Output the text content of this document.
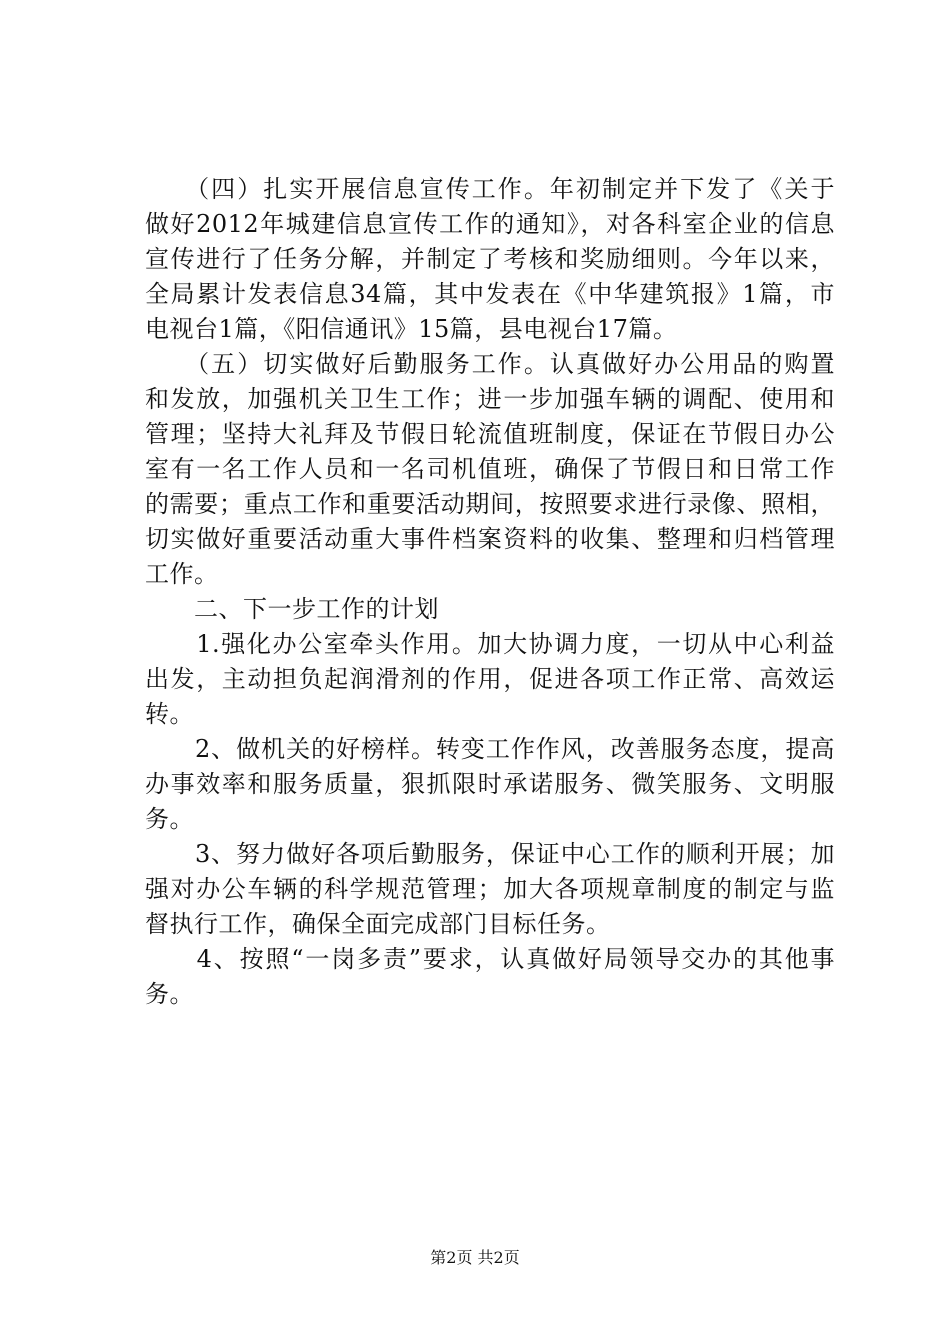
　　（四）扎实开展信息宣传工作。年初制定并下发了《关于
做好2012年城建信息宣传工作的通知》，对各科室企业的信息
宣传进行了任务分解，并制定了考核和奖励细则。今年以来，
全局累计发表信息34篇，其中发表在《中华建筑报》1篇，市
电视台1篇，《阳信通讯》15篇，县电视台17篇。
　　（五）切实做好后勤服务工作。认真做好办公用品的购置
和发放，加强机关卫生工作；进一步加强车辆的调配、使用和
管理；坚持大礼拜及节假日轮流值班制度，保证在节假日办公
室有一名工作人员和一名司机值班，确保了节假日和日常工作
的需要；重点工作和重要活动期间，按照要求进行录像、照相，
切实做好重要活动重大事件档案资料的收集、整理和归档管理
工作。
　　二、下一步工作的计划
　　1.强化办公室牵头作用。加大协调力度，一切从中心利益
出发，主动担负起润滑剂的作用，促进各项工作正常、高效运
转。
　　2、做机关的好榜样。转变工作作风，改善服务态度，提高
办事效率和服务质量，狠抓限时承诺服务、微笑服务、文明服
务。
　　3、努力做好各项后勤服务，保证中心工作的顺利开展；加
强对办公车辆的科学规范管理；加大各项规章制度的制定与监
督执行工作，确保全面完成部门目标任务。
　　4、按照“一岗多责”要求，认真做好局领导交办的其他事
务。
第2页 共2页
